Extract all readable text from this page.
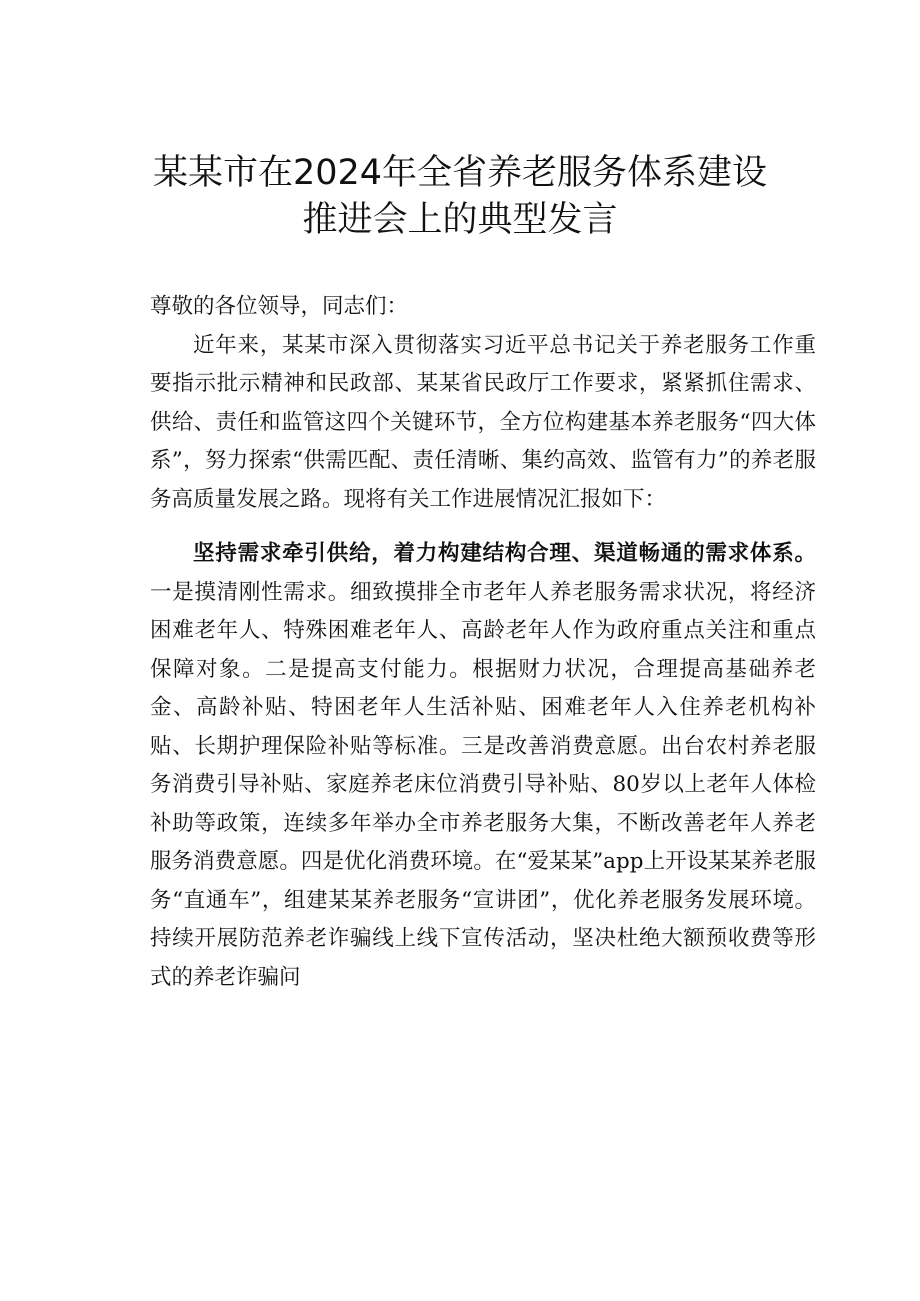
某某市在2024年全省养老服务体系建设
推进会上的典型发言

尊敬的各位领导，同志们：

近年来，某某市深入贯彻落实习近平总书记关于养老服务工作重要指示批示精神和民政部、某某省民政厅工作要求，紧紧抓住需求、供给、责任和监管这四个关键环节，全方位构建基本养老服务“四大体系”，努力探索“供需匹配、责任清晰、集约高效、监管有力”的养老服务高质量发展之路。现将有关工作进展情况汇报如下：

坚持需求牵引供给，着力构建结构合理、渠道畅通的需求体系。一是摸清刚性需求。细致摸排全市老年人养老服务需求状况，将经济困难老年人、特殊困难老年人、高龄老年人作为政府重点关注和重点保障对象。二是提高支付能力。根据财力状况，合理提高基础养老金、高龄补贴、特困老年人生活补贴、困难老年人入住养老机构补贴、长期护理保险补贴等标准。三是改善消费意愿。出台农村养老服务消费引导补贴、家庭养老床位消费引导补贴、80岁以上老年人体检补助等政策，连续多年举办全市养老服务大集，不断改善老年人养老服务消费意愿。四是优化消费环境。在“爱某某”app上开设某某养老服务“直通车”，组建某某养老服务“宣讲团”，优化养老服务发展环境。持续开展防范养老诈骗线上线下宣传活动，坚决杜绝大额预收费等形式的养老诈骗问
